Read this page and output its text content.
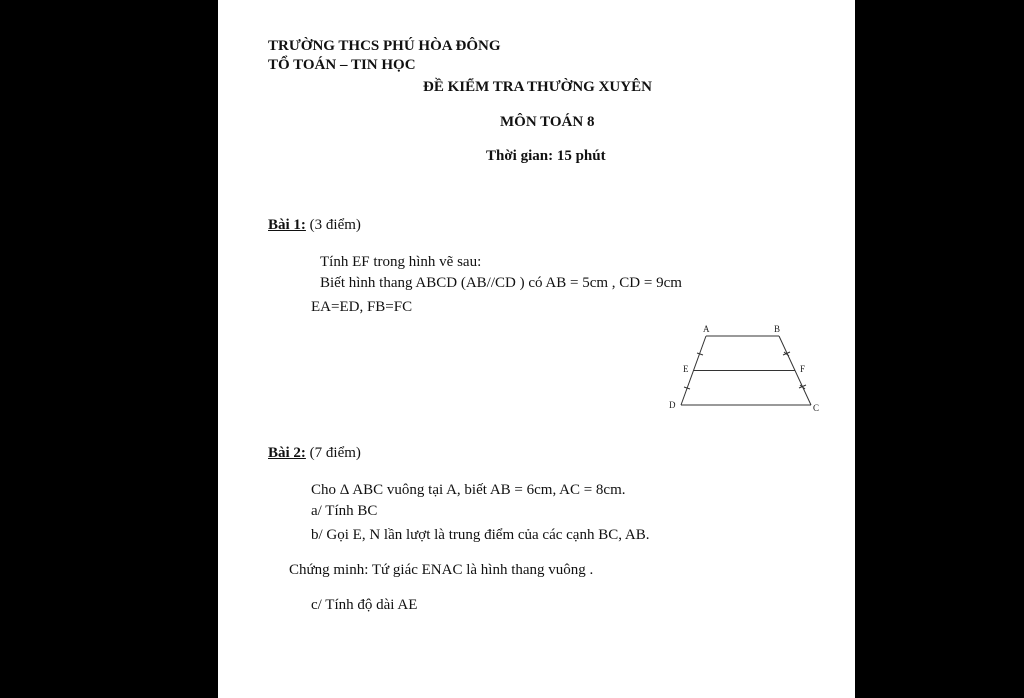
TRƯỜNG THCS PHÚ HÒA ĐÔNG
TỔ TOÁN – TIN HỌC
ĐỀ KIỂM TRA THƯỜNG XUYÊN
MÔN TOÁN 8
Thời gian: 15 phút
Bài 1: (3 điểm)
Tính EF trong hình vẽ sau:
Biết hình thang ABCD (AB//CD ) có AB = 5cm , CD = 9cm
EA=ED, FB=FC
A	B
C
D
E	F
Bài 2: (7 điểm)
Cho Δ ABC vuông tại A, biết AB = 6cm, AC = 8cm.
a/ Tính BC
b/ Gọi E, N lần lượt là trung điểm của các cạnh BC, AB.
Chứng minh: Tứ giác ENAC là hình thang vuông .
c/ Tính độ dài AE
